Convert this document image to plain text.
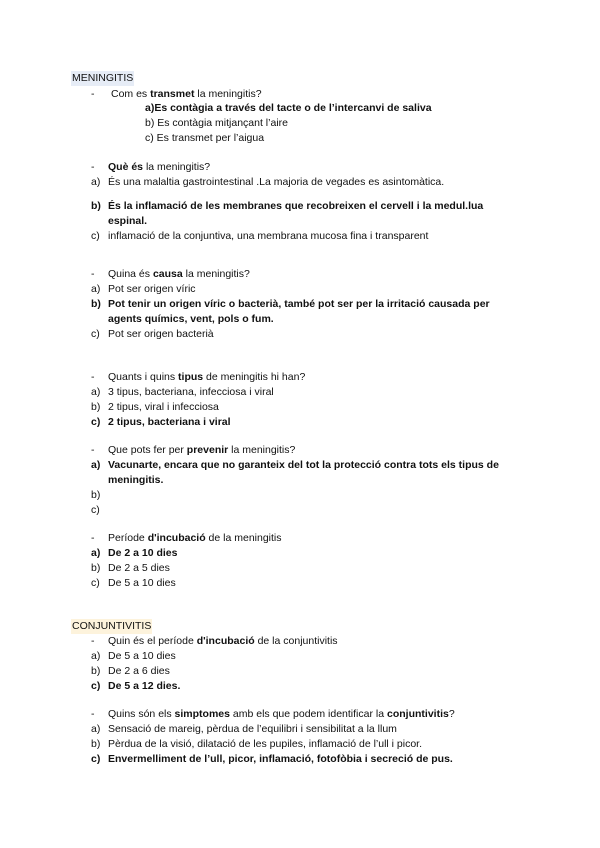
MENINGITIS
- Com es transmet la meningitis?
a)Es contàgia a través del tacte o de l’intercanvi de saliva
b) Es contàgia mitjançant l’aire
c) Es transmet per l’aigua
- Què és la meningitis?
a) És una malaltia gastrointestinal .La majoria de vegades es asintomàtica.
b) És la inflamació de les membranes que recobreixen el cervell i la medul.lua
espinal.
c) inflamació de la conjuntiva, una membrana mucosa fina i transparent
- Quina és causa la meningitis?
a) Pot ser origen víric
b) Pot tenir un origen víric o bacterià, també pot ser per la irritació causada per
agents químics, vent, pols o fum.
c) Pot ser origen bacterià
- Quants i quins tipus de meningitis hi han?
a) 3 tipus, bacteriana, infecciosa i viral
b) 2 tipus, viral i infecciosa
c) 2 tipus, bacteriana i viral
- Que pots fer per prevenir la meningitis?
a) Vacunarte, encara que no garanteix del tot la protecció contra tots els tipus de
meningitis.
b)
c)
- Període d'incubació de la meningitis
a) De 2 a 10 dies
b) De 2 a 5 dies
c) De 5 a 10 dies
CONJUNTIVITIS
- Quin és el període d'incubació de la conjuntivitis
a) De 5 a 10 dies
b) De 2 a 6 dies
c) De 5 a 12 dies.
- Quins són els simptomes amb els que podem identificar la conjuntivitis?
a) Sensació de mareig, pèrdua de l’equilibri i sensibilitat a la llum
b) Pèrdua de la visió, dilatació de les pupiles, inflamació de l’ull i picor.
c) Envermelliment de l’ull, picor, inflamació, fotofòbia i secreció de pus.
